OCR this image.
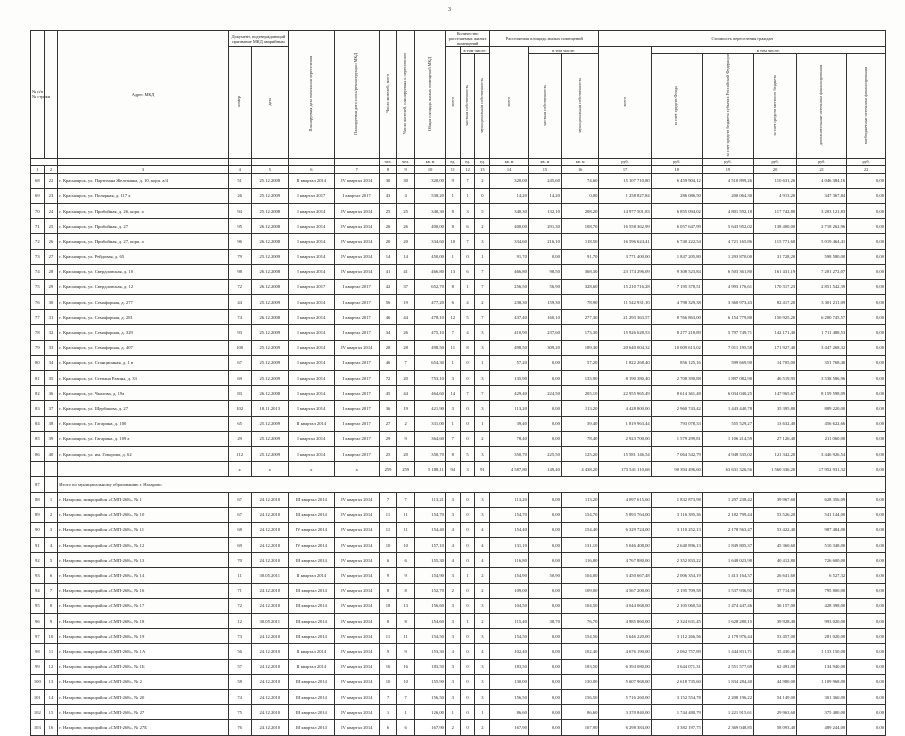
3
№ п/п
№ строки		Адрес МКД	Документ, подтверждающий признание МКД аварийным		Планируемая дата окончания переселения	Планируемая дата сноса/реконструкции МКД	Число жителей, всего	Число жителей, планируемых к переселению	Общая площадь жилых помещений МКД	Количество расселяемых жилых помещений			Расселяемая площадь жилых помещений			Стоимость переселения граждан					
			номер	дата						всего	в том числе:		всего	в том числе:		всего	в том числе:				
											частная собственность	муниципальная собственность		частная собственность	муниципальная собственность		за счет средств Фонда	за счет средств бюджета субъекта Российской Федерации	за счет средств местного бюджета	дополнительные источники финансирования	внебюджетные источники финансирования
							чел.	чел.	кв. м	ед.	ед.	ед.	кв. м	кв. м	кв. м	руб.	руб.	руб.	руб.	руб.	руб.
1	2	3	4	5	6	7	8	9	10	11	12	13	14	15	16	17	18	19	20	21	22
68	22	г. Красноярск, ул. Партизана Железняка, д. 10, корп. а/4	51	25.12.2008	II квартал 2014	IV квартал 2014	30	30	320,00	9	7	2	320,00	245,60	74,60	15 107 710,80	6 459 904,12	4 510 899,26	110 631,26	4 046 384,16	0,00
69	23	г. Красноярск, ул. Полярная, д. 117 а	26	25.12.2009	I квартал 2017	I квартал 2017	43	4	538,20	1	1	0	14,20	14,20	0,00	1 258 827,84	286 086,50	200 064,30	4 913,20	347 367,84	0,00
70	24	г. Красноярск, ул. Прибойная, д. 26, корп. а	94	25.12.2008	I квартал 2014	IV квартал 2014	25	25	340,30	8	3	5	340,30	132,10	208,20	14 977 501,83	6 855 094,02	4 801 592,18	117 742,80	3 203 121,83	0,00
71	25	г. Красноярск, ул. Прибойная, д. 27	95	26.12.2008	I квартал 2014	IV квартал 2014	26	26	400,00	8	6	2	400,00	291,30	108,70	16 558 362,99	6 057 647,99	5 643 952,02	138 400,00	2 718 262,96	0,00
72	26	г. Красноярск, ул. Прибойная, д. 27, корп. а	96	26.12.2008	I квартал 2014	IV квартал 2014	20	20	334,60	10	7	3	334,60	216,10	118,50	16 596 624,41	6 740 222,54	4 721 165,86	115 771,60	5 019 464,41	0,00
73	27	г. Красноярск, ул. Рейдовая, д. 65	79	25.12.2009	I квартал 2014	IV квартал 2014	14	14	450,00	1	0	1	91,70	0,00	91,70	3 771 400,00	1 847 205,80	1 293 870,00	31 728,20	598 580,00	0,00
74	28	г. Красноярск, ул. Свердловская, д. 10	98	26.12.2008	I квартал 2014	IV квартал 2014	41	41	466,80	13	6	7	466,80	98,50	368,30	23 174 296,09	9 308 523,84	6 503 361,80	161 431,19	7 201 272,07	0,00
75	29	г. Красноярск, ул. Свердловская, д. 12	72	26.12.2008	I квартал 2017	I квартал 2017	42	37	652,70	8	1	7	256,50	56,90	328,60	15 210 716,28	7 195 378,51	4 993 176,61	170 317,23	2 851 542,39	0,00
76	30	г. Красноярск, ул. Семафорная, д. 277	44	25.12.2009	I квартал 2014	I квартал 2017	56	19	477,20	6	4	2	238,30	159,30	78,90	11 542 931,10	4 798 329,38	3 360 973,43	82 417,20	3 301 211,09	0,00
77	31	г. Красноярск, ул. Семафорная, д. 281	74	26.12.2008	I квартал 2014	I квартал 2017	46	44	478,10	12	5	7	437,40	160,10	277,30	21 293 363,57	8 766 863,00	6 154 779,80	150 925,20	6 200 745,57	0,00
78	32	г. Красноярск, ул. Семафорная, д. 329	93	25.12.2009	I квартал 2014	I квартал 2017	34	26	475,10	7	4	3	410,90	237,60	173,30	15 926 628,53	8 277 218,89	5 797 749,71	142 171,40	1 711 488,53	0,00
79	33	г. Красноярск, ул. Семафорная, д. 407	100	25.12.2009	I квартал 2014	IV квартал 2014	28	28	498,50	11	8	3	498,50	309,20	189,30	20 640 004,32	10 009 613,02	7 011 195,58	171 927,40	3 447 268,32	0,00
80	34	г. Красноярск, ул. Станционная, д. 1 в	67	25.12.2009	I квартал 2014	I квартал 2017	46	7	654,30	1	0	1	57,20	0,00	57,20	1 822 268,40	856 125,16	599 669,90	14 705,00	351 768,40	0,00
81	35	г. Красноярск, ул. Степана Разина, д. 33	69	25.12.2009	I квартал 2014	I квартал 2017	72	20	753,10	3	0	3	135,90	0,00	135,90	8 190 380,40	2 708 390,88	1 897 082,90	46 519,95	3 538 586,96	0,00
82	36	г. Красноярск, ул. Чкалова, д. 19а	83	26.12.2008	I квартал 2014	I квартал 2017	45	44	464,60	14	7	7	429,40	224,50	205,10	22 955 965,49	8 614 361,48	6 034 040,25	147 965,67	8 159 598,09	0,00
83	37	г. Красноярск, ул. Щербакова, д. 27	102	18.11.2013	I квартал 2014	I квартал 2017	36	19	421,90	3	0	3	113,20	0,00	113,20	4 428 800,00	2 960 743,42	1 443 440,78	35 395,80	889 220,00	0,00
84	38	г. Красноярск, ул. Гагарина, д. 100	65	25.12.2009	II квартал 2014	I квартал 2017	27	2	331,00	1	0	1	39,40	0,00	39,40	1 819 963,44	793 078,33	555 529,27	13 632,40	456 622,66	0,00
85	39	г. Красноярск, ул. Гагарина, д. 109 а	29	25.12.2009	I квартал 2014	I квартал 2017	29	9	364,60	7	0	2	78,40	0,00	78,40	2 923 700,00	1 579 299,81	1 106 214,59	27 126,40	211 060,00	0,00
86	40	г. Красноярск, ул. им. Говорова, д. 62	112	25.12.2009	I квартал 2014	I квартал 2017	25	20	350,70	8	5	3	350,70	225,50	125,20	15 581 146,54	7 064 542,79	4 948 335,02	121 342,20	3 446 926,54	0,00
			x	x	x	x	259	259	5 188,11	94	3	91	4 587,80	149,40	4 438,20	173 541 110,68	90 394 496,60	63 631 326,56	1 560 336,20	17 952 931,32	0,00
87		Итого по муниципальному образованию г. Назарово																			
88	1	г. Назарово, микрорайон «СМП-268», № 1	67	24.12.2010	III квартал 2014	IV квартал 2014	7	7	113,21	3	0	3	113,20	0,00	113,20	4 097 615,60	1 832 873,98	1 297 238,42	39 967,60	628 356,09	0,00
89	2	г. Назарово, микрорайон «СМП-268», № 10	67	24.12.2010	III квартал 2014	IV квартал 2014	11	11	154,70	3	0	3	154,70	0,00	154,70	5 893 764,00	3 116 395,36	2 182 799,44	53 526,20	541 144,00	0,00
90	3	г. Назарово, микрорайон «СМП-268», № 11	68	24.12.2010	IV квартал 2014	IV квартал 2014	11	11	154,40	4	0	4	154,40	0,00	154,40	6 329 724,00	3 110 252,13	2 178 563,47	53 422,40	987 484,00	0,00
91	4	г. Назарово, микрорайон «СМП-268», № 12	69	24.12.2010	IV квартал 2014	IV квартал 2014	10	10	157,10	4	0	4	131,10	0,00	131,10	5 046 408,00	2 640 896,13	1 849 805,37	45 360,60	510 348,00	0,00
92	5	г. Назарово, микрорайон «СМП-268», № 13	70	24.12.2010	III квартал 2014	IV квартал 2014	6	6	155,30	4	0	4	116,80	0,00	116,80	4 767 880,00	2 352 833,22	1 648 023,98	40 412,80	726 600,00	0,00
93	6	г. Назарово, микрорайон «СМП-268», № 14	11	30.05.2011	II квартал 2014	IV квартал 2014	9	9	154,90	3	1	2	154,90	50,90	104,00	3 450 667,48	2 006 354,19	1 413 164,37	26 641,60	6 527,32	0,00
94	7	г. Назарово, микрорайон «СМП-268», № 16	71	24.12.2010	III квартал 2014	IV квартал 2014	8	8	152,70	2	0	2	109,00	0,00	109,00	4 567 200,00	2 195 709,58	1 537 936,92	37 714,00	795 800,00	0,00
95	8	г. Назарово, микрорайон «СМП-268», № 17	72	24.12.2010	III квартал 2014	IV квартал 2014	18	13	156,60	3	0	3	104,50	0,00	104,50	4 044 068,00	2 105 060,54	1 474 447,46	36 157,00	428 398,00	0,00
96	9	г. Назарово, микрорайон «СМП-268», № 18	12	30.05.2011	III квартал 2014	IV квартал 2014	8	8	154,60	3	1	2	115,40	38,70	76,70	4 985 860,00	2 324 631,45	1 628 280,15	39 928,40	993 020,00	0,00
97	10	г. Назарово, микрорайон «СМП-268», № 19	73	24.12.2010	III квартал 2014	IV квартал 2014	11	11	154,50	3	0	3	154,50	0,00	154,50	5 646 220,00	3 112 266,56	2 179 976,44	53 457,00	281 020,00	0,00
98	11	г. Назарово, микрорайон «СМП-268», № 1А	56	24.12.2010	II квартал 2014	IV квартал 2014	9	9	153,30	4	0	4	102,40	0,00	102,40	4 676 190,00	2 062 757,89	1 444 831,71	35 430,40	1 133 150,00	0,00
99	12	г. Назарово, микрорайон «СМП-268», № 1Б	57	24.12.2010	II квартал 2014	IV квартал 2014	16	16	183,50	3	0	3	183,50	0,00	183,50	6 394 080,00	3 644 071,31	2 551 577,69	62 491,00	134 940,00	0,00
100	13	г. Назарово, микрорайон «СМП-268», № 2	58	24.12.2010	III квартал 2014	IV квартал 2014	10	10	155,90	3	0	3	130,00	0,00	130,00	5 607 968,00	2 618 735,60	1 834 284,40	44 980,00	1 109 968,00	0,00
101	14	г. Назарово, микрорайон «СМП-268», № 20	74	24.12.2010	III квартал 2014	IV квартал 2014	7	7	156,50	3	0	3	156,50	0,00	156,50	5 716 260,00	3 152 554,78	2 208 196,22	54 149,00	301 360,00	0,00
102	15	г. Назарово, микрорайон «СМП-268», № 27	75	24.12.2010	III квартал 2014	IV квартал 2014	1	1	126,00	1	0	1	86,60	0,00	86,60	3 370 840,00	1 744 480,79	1 221 915,61	29 963,60	375 480,00	0,00
103	16	г. Назарово, микрорайон «СМП-268», № 27Б	76	24.12.2010	III квартал 2014	IV квартал 2014	6	6	167,90	2	0	2	167,90	0,00	167,90	6 298 384,00	3 382 197,75	2 369 048,85	58 093,40	489 244,00	0,00
